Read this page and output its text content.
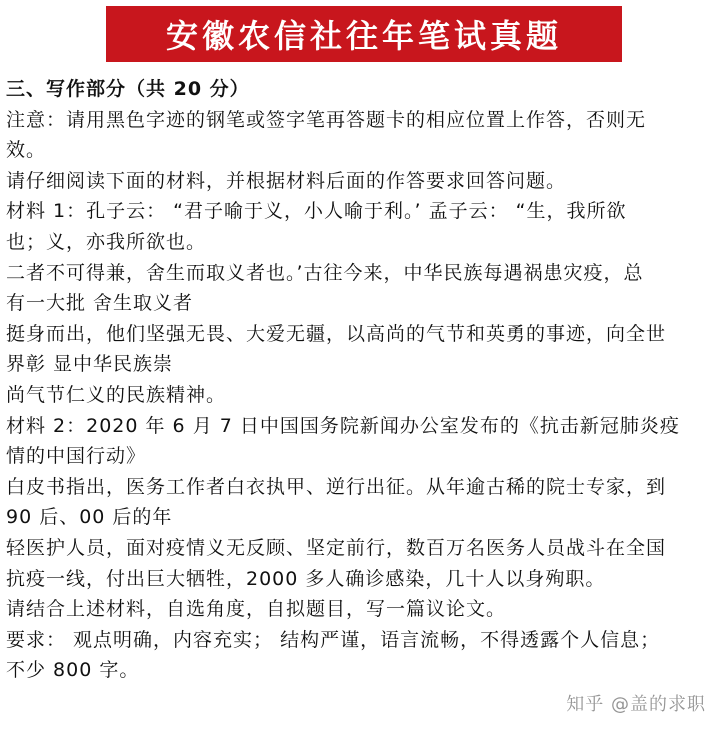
安徽农信社往年笔试真题
三、写作部分（共 20 分）
注意：请用黑色字迹的钢笔或签字笔再答题卡的相应位置上作答，否则无
效。
请仔细阅读下面的材料，并根据材料后面的作答要求回答问题。
材料 1：孔子云： “君子喻于义，小人喻于利。’ 孟子云： “生，我所欲
也；义，亦我所欲也。
二者不可得兼，舍生而取义者也。’古往今来，中华民族每遇祸患灾疫，总
有一大批 舍生取义者
挺身而出，他们坚强无畏、大爱无疆，以高尚的气节和英勇的事迹，向全世
界彰 显中华民族崇
尚气节仁义的民族精神。
材料 2：2020 年 6 月 7 日中国国务院新闻办公室发布的《抗击新冠肺炎疫
情的中国行动》
白皮书指出，医务工作者白衣执甲、逆行出征。从年逾古稀的院士专家，到
90 后、00 后的年
轻医护人员，面对疫情义无反顾、坚定前行，数百万名医务人员战斗在全国
抗疫一线，付出巨大牺牲，2000 多人确诊感染，几十人以身殉职。
请结合上述材料，自选角度，自拟题目，写一篇议论文。
要求： 观点明确，内容充实； 结构严谨，语言流畅，不得透露个人信息；
不少 800 字。
知乎 @盖的求职
